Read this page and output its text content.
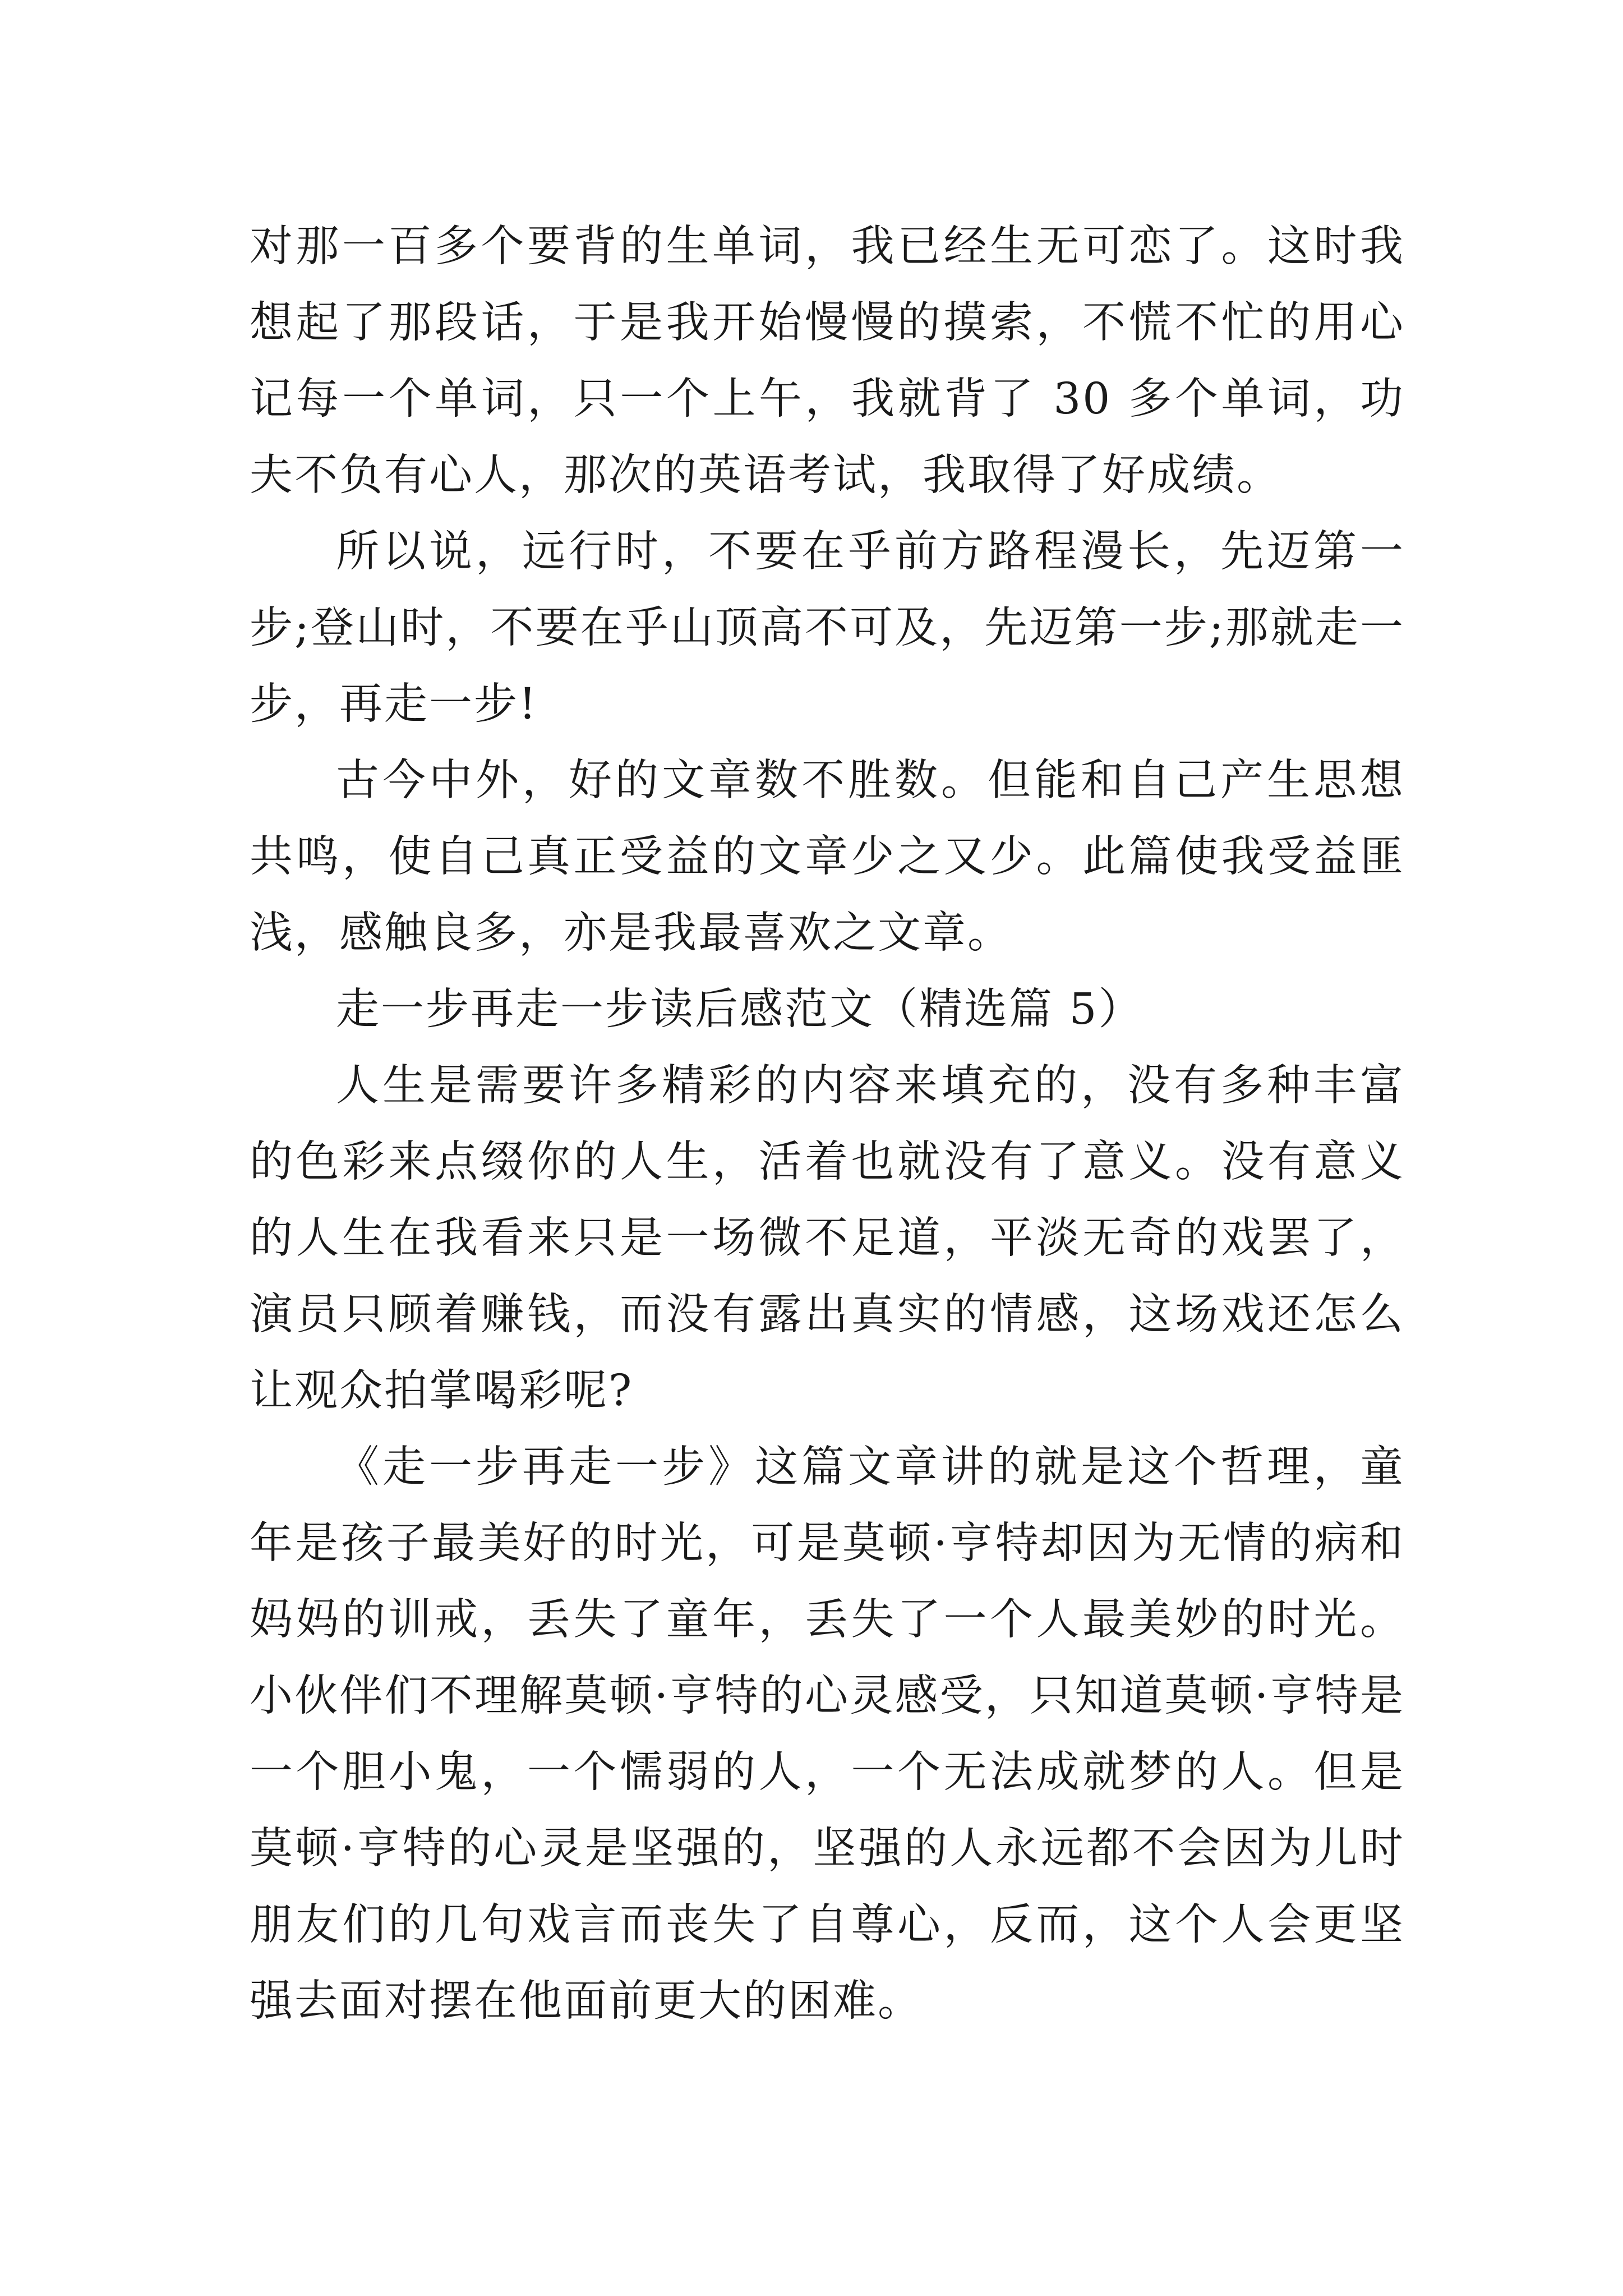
对那一百多个要背的生单词，我已经生无可恋了。这时我想起了那段话，于是我开始慢慢的摸索，不慌不忙的用心记每一个单词，只一个上午，我就背了 30 多个单词，功夫不负有心人，那次的英语考试，我取得了好成绩。

所以说，远行时，不要在乎前方路程漫长，先迈第一步;登山时，不要在乎山顶高不可及，先迈第一步;那就走一步，再走一步!

古今中外，好的文章数不胜数。但能和自己产生思想共鸣，使自己真正受益的文章少之又少。此篇使我受益匪浅，感触良多，亦是我最喜欢之文章。

走一步再走一步读后感范文（精选篇 5）

人生是需要许多精彩的内容来填充的，没有多种丰富的色彩来点缀你的人生，活着也就没有了意义。没有意义的人生在我看来只是一场微不足道，平淡无奇的戏罢了，演员只顾着赚钱，而没有露出真实的情感，这场戏还怎么让观众拍掌喝彩呢?

《走一步再走一步》这篇文章讲的就是这个哲理，童年是孩子最美好的时光，可是莫顿·亨特却因为无情的病和妈妈的训戒，丢失了童年，丢失了一个人最美妙的时光。小伙伴们不理解莫顿·亨特的心灵感受，只知道莫顿·亨特是一个胆小鬼，一个懦弱的人，一个无法成就梦的人。但是莫顿·亨特的心灵是坚强的，坚强的人永远都不会因为儿时朋友们的几句戏言而丧失了自尊心，反而，这个人会更坚强去面对摆在他面前更大的困难。
